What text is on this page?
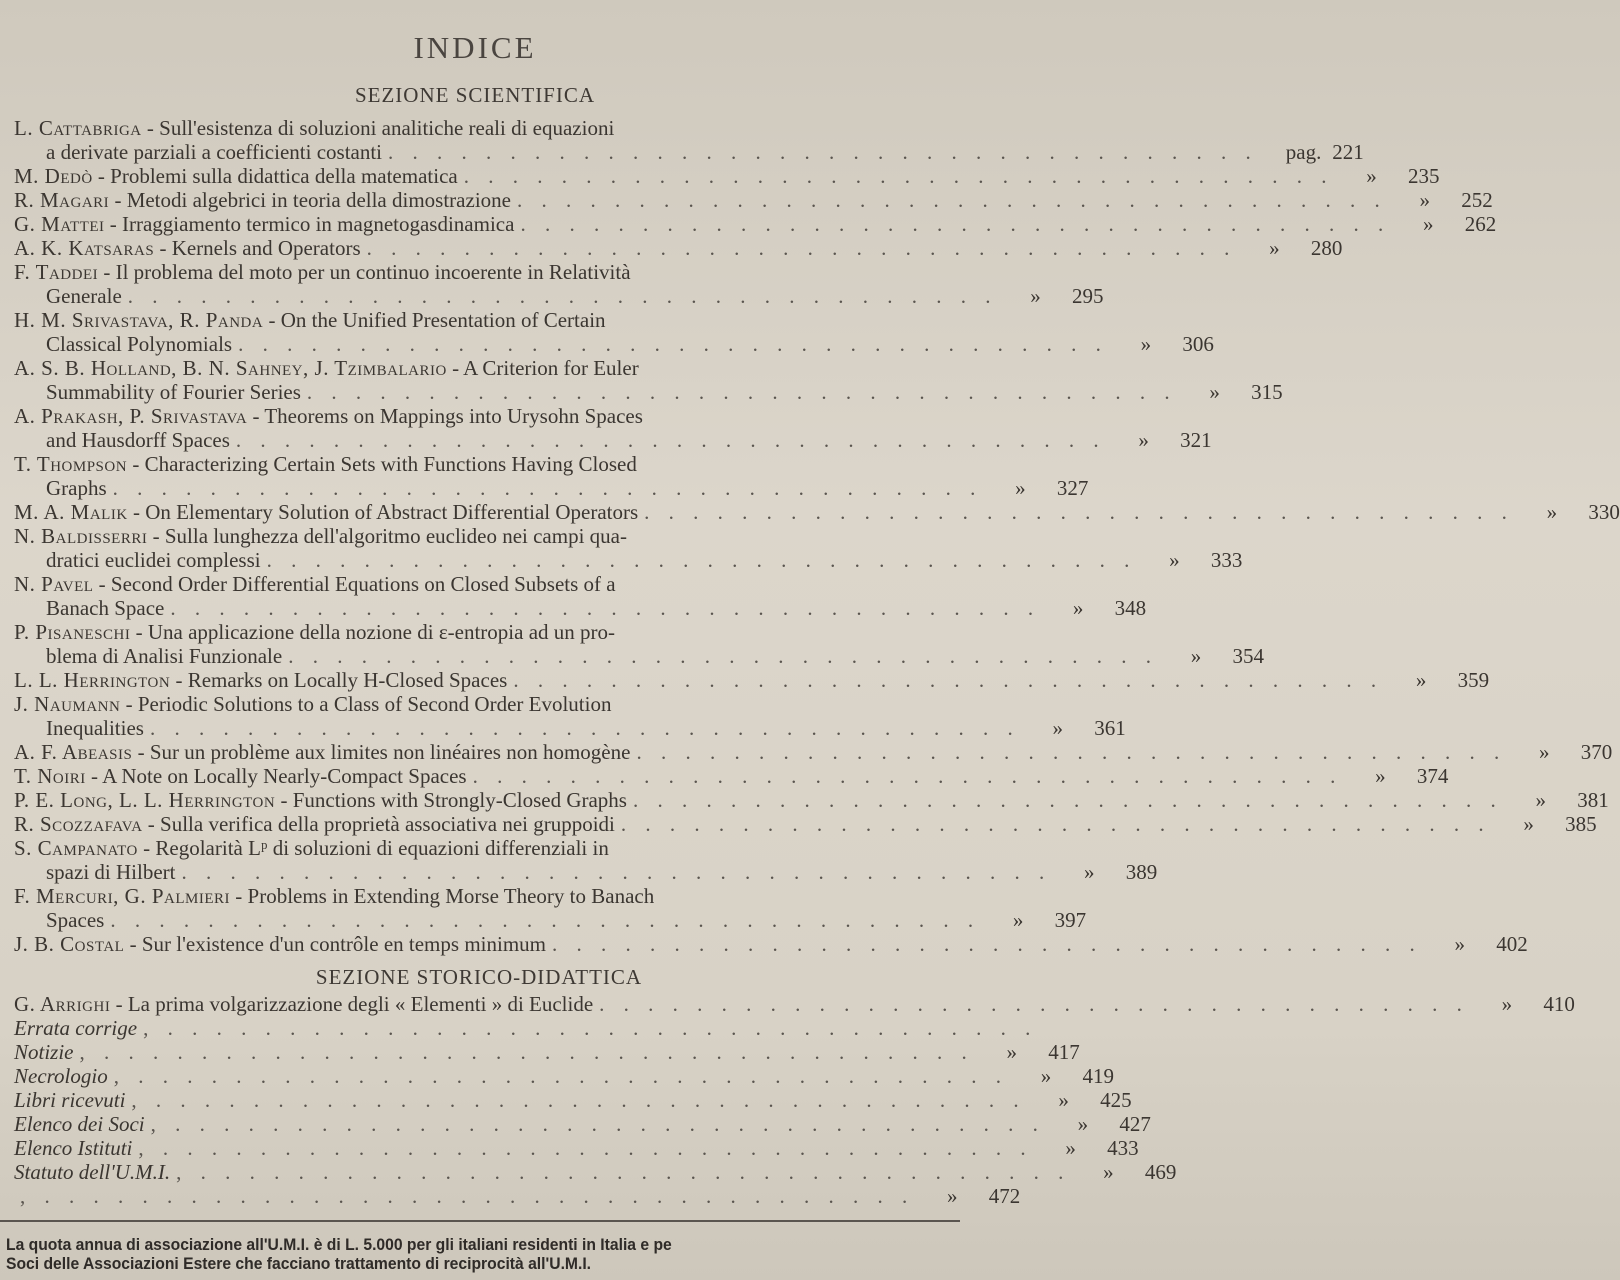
INDICE
SEZIONE SCIENTIFICA
L. Cattabriga - Sull'esistenza di soluzioni analitiche reali di equazioni
a derivate parziali a coefficienti costanti . . . . . . . . . . . . . . . . . . . . . . . . . . . . . . . . . . . . pag. 221
M. Dedò - Problemi sulla didattica della matematica . . . . . . . . . . . . . . . . . . . . . . . . . . . . . . . . . . . . »	235
R. Magari - Metodi algebrici in teoria della dimostrazione . . . . . . . . . . . . . . . . . . . . . . . . . . . . . . . . . . . . »	252
G. Mattei - Irraggiamento termico in magnetogasdinamica . . . . . . . . . . . . . . . . . . . . . . . . . . . . . . . . . . . . »	262
A. K. Katsaras - Kernels and Operators . . . . . . . . . . . . . . . . . . . . . . . . . . . . . . . . . . . . »	280
F. Taddei - Il problema del moto per un continuo incoerente in Relatività
Generale . . . . . . . . . . . . . . . . . . . . . . . . . . . . . . . . . . . . »	295
H. M. Srivastava, R. Panda - On the Unified Presentation of Certain
Classical Polynomials . . . . . . . . . . . . . . . . . . . . . . . . . . . . . . . . . . . . »	306
A. S. B. Holland, B. N. Sahney, J. Tzimbalario - A Criterion for Euler
Summability of Fourier Series . . . . . . . . . . . . . . . . . . . . . . . . . . . . . . . . . . . . »	315
A. Prakash, P. Srivastava - Theorems on Mappings into Urysohn Spaces
and Hausdorff Spaces . . . . . . . . . . . . . . . . . . . . . . . . . . . . . . . . . . . . »	321
T. Thompson - Characterizing Certain Sets with Functions Having Closed
Graphs . . . . . . . . . . . . . . . . . . . . . . . . . . . . . . . . . . . . »	327
M. A. Malik - On Elementary Solution of Abstract Differential Operators . . . . . . . . . . . . . . . . . . . . . . . . . . . . . . . . . . . . »	330
N. Baldisserri - Sulla lunghezza dell'algoritmo euclideo nei campi qua-
dratici euclidei complessi . . . . . . . . . . . . . . . . . . . . . . . . . . . . . . . . . . . . »	333
N. Pavel - Second Order Differential Equations on Closed Subsets of a
Banach Space . . . . . . . . . . . . . . . . . . . . . . . . . . . . . . . . . . . . »	348
P. Pisaneschi - Una applicazione della nozione di ε-entropia ad un pro-
blema di Analisi Funzionale . . . . . . . . . . . . . . . . . . . . . . . . . . . . . . . . . . . . »	354
L. L. Herrington - Remarks on Locally H-Closed Spaces . . . . . . . . . . . . . . . . . . . . . . . . . . . . . . . . . . . . »	359
J. Naumann - Periodic Solutions to a Class of Second Order Evolution
Inequalities . . . . . . . . . . . . . . . . . . . . . . . . . . . . . . . . . . . . »	361
A. F. Abeasis - Sur un problème aux limites non linéaires non homogène . . . . . . . . . . . . . . . . . . . . . . . . . . . . . . . . . . . . »	370
T. Noiri - A Note on Locally Nearly-Compact Spaces . . . . . . . . . . . . . . . . . . . . . . . . . . . . . . . . . . . . »	374
P. E. Long, L. L. Herrington - Functions with Strongly-Closed Graphs . . . . . . . . . . . . . . . . . . . . . . . . . . . . . . . . . . . . »	381
R. Scozzafava - Sulla verifica della proprietà associativa nei gruppoidi . . . . . . . . . . . . . . . . . . . . . . . . . . . . . . . . . . . . »	385
S. Campanato - Regolarità Lᵖ di soluzioni di equazioni differenziali in
spazi di Hilbert . . . . . . . . . . . . . . . . . . . . . . . . . . . . . . . . . . . . »	389
F. Mercuri, G. Palmieri - Problems in Extending Morse Theory to Banach
Spaces . . . . . . . . . . . . . . . . . . . . . . . . . . . . . . . . . . . . »	397
J. B. Costal - Sur l'existence d'un contrôle en temps minimum . . . . . . . . . . . . . . . . . . . . . . . . . . . . . . . . . . . . »	402
SEZIONE STORICO-DIDATTICA
G. Arrighi - La prima volgarizzazione degli « Elementi » di Euclide . . . . . . . . . . . . . . . . . . . . . . . . . . . . . . . . . . . . »	410
Errata corrige , . . . . . . . . . . . . . . . . . . . . . . . . . . . . . . . . . . . .
Notizie , . . . . . . . . . . . . . . . . . . . . . . . . . . . . . . . . . . . . »	417
Necrologio , . . . . . . . . . . . . . . . . . . . . . . . . . . . . . . . . . . . . »	419
Libri ricevuti , . . . . . . . . . . . . . . . . . . . . . . . . . . . . . . . . . . . . »	425
Elenco dei Soci , . . . . . . . . . . . . . . . . . . . . . . . . . . . . . . . . . . . . »	427
Elenco Istituti , . . . . . . . . . . . . . . . . . . . . . . . . . . . . . . . . . . . . »	433
Statuto dell'U.M.I. , . . . . . . . . . . . . . . . . . . . . . . . . . . . . . . . . . . . . »	469
, . . . . . . . . . . . . . . . . . . . . . . . . . . . . . . . . . . . . »	472
La quota annua di associazione all'U.M.I. è di L. 5.000 per gli italiani residenti in Italia e pe
Soci delle Associazioni Estere che facciano trattamento di reciprocità all'U.M.I.
